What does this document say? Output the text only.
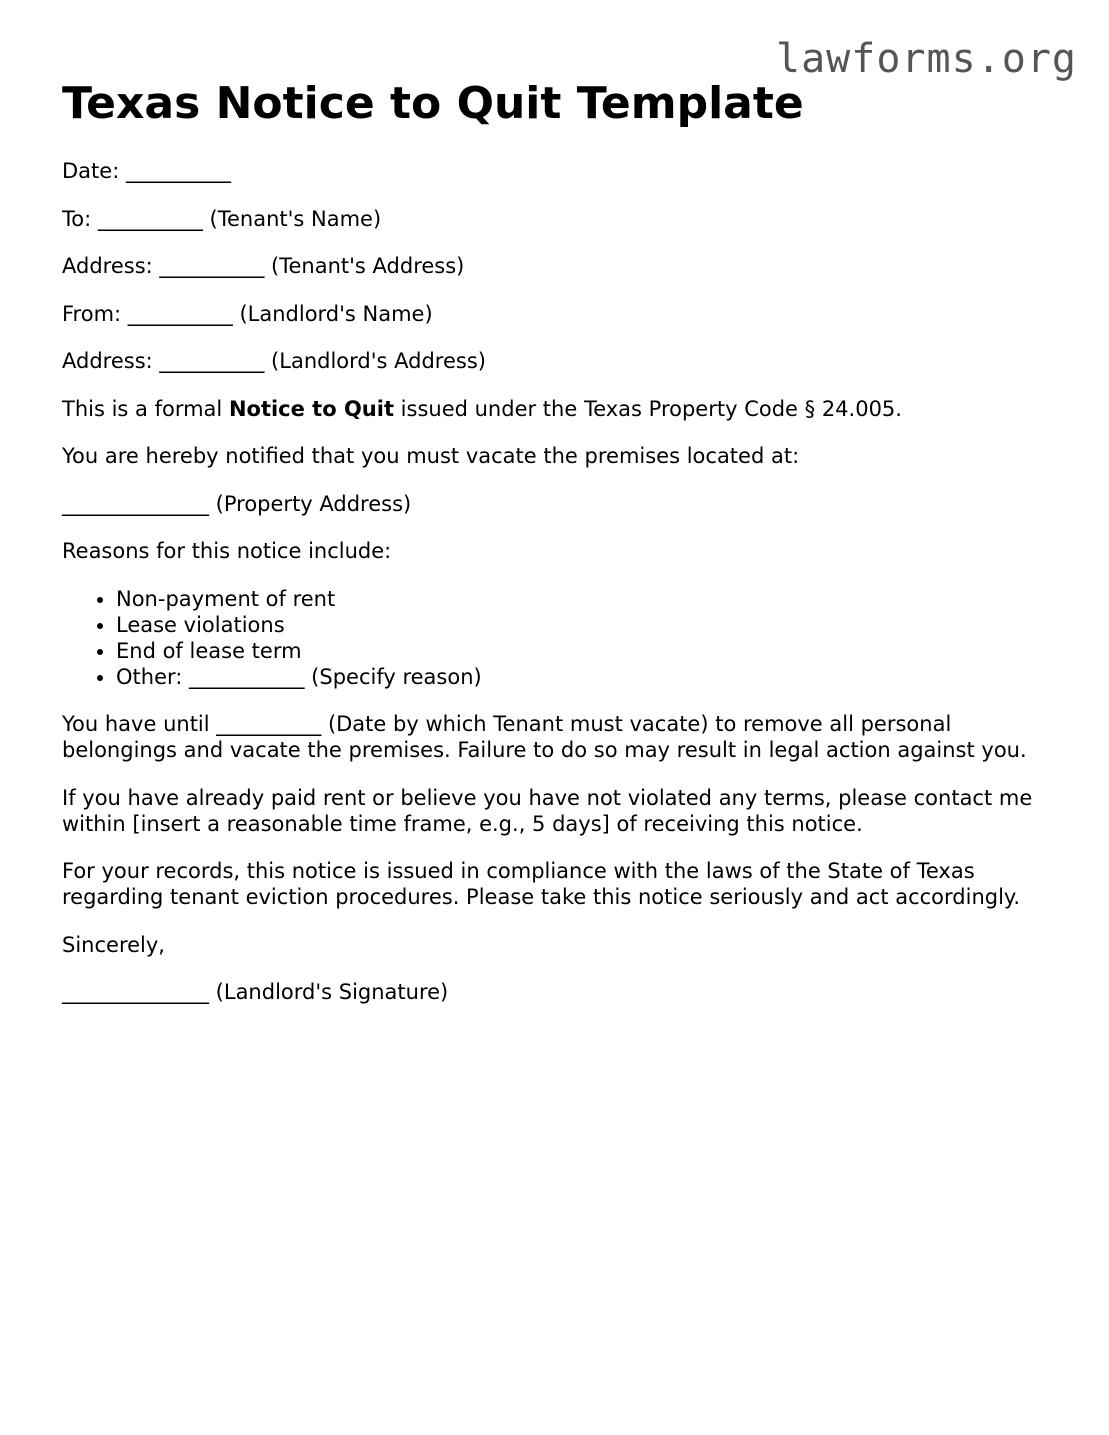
lawforms.org
Texas Notice to Quit Template

Date: __________

To: __________ (Tenant's Name)

Address: __________ (Tenant's Address)

From: __________ (Landlord's Name)

Address: __________ (Landlord's Address)

This is a formal Notice to Quit issued under the Texas Property Code § 24.005.

You are hereby notified that you must vacate the premises located at:

______________ (Property Address)

Reasons for this notice include:

• Non-payment of rent
• Lease violations
• End of lease term
• Other: ___________ (Specify reason)

You have until __________ (Date by which Tenant must vacate) to remove all personal belongings and vacate the premises. Failure to do so may result in legal action against you.

If you have already paid rent or believe you have not violated any terms, please contact me within [insert a reasonable time frame, e.g., 5 days] of receiving this notice.

For your records, this notice is issued in compliance with the laws of the State of Texas regarding tenant eviction procedures. Please take this notice seriously and act accordingly.

Sincerely,

______________ (Landlord's Signature)
